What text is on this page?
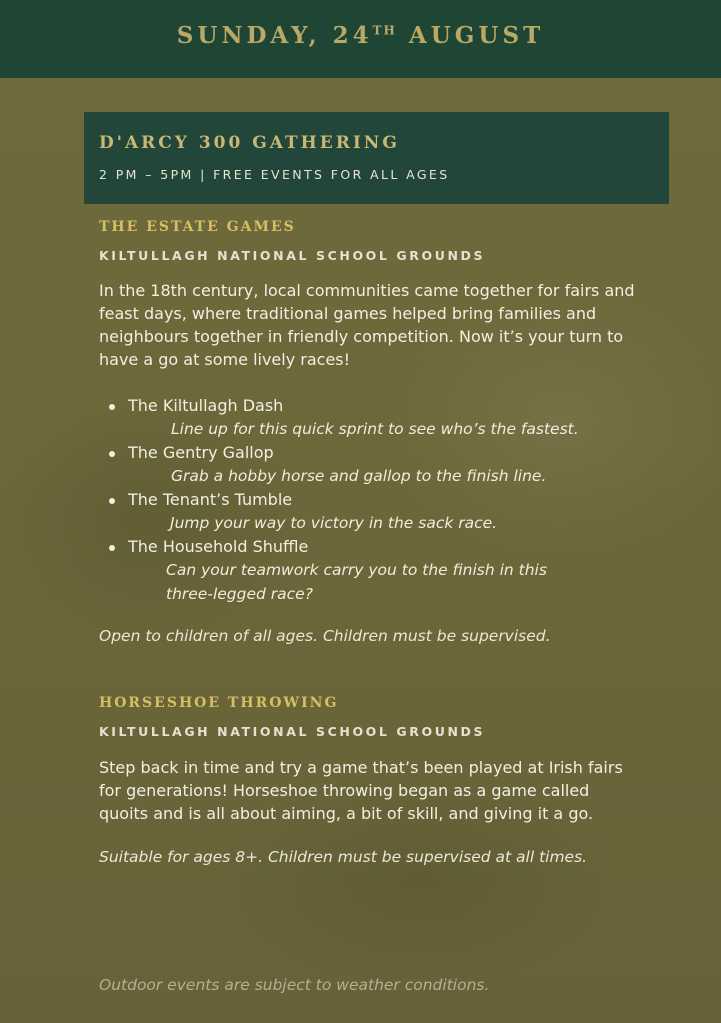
SUNDAY, 24TH AUGUST
D'ARCY 300 GATHERING
2 PM – 5PM | FREE EVENTS FOR ALL AGES
THE ESTATE GAMES
KILTULLAGH NATIONAL SCHOOL GROUNDS
In the 18th century, local communities came together for fairs and feast days, where traditional games helped bring families and neighbours together in friendly competition. Now it’s your turn to have a go at some lively races!
The Kiltullagh Dash
Line up for this quick sprint to see who’s the fastest.
The Gentry Gallop
Grab a hobby horse and gallop to the finish line.
The Tenant’s Tumble
Jump your way to victory in the sack race.
The Household Shuffle
Can your teamwork carry you to the finish in this three-legged race?
Open to children of all ages. Children must be supervised.
HORSESHOE THROWING
KILTULLAGH NATIONAL SCHOOL GROUNDS
Step back in time and try a game that’s been played at Irish fairs for generations! Horseshoe throwing began as a game called quoits and is all about aiming, a bit of skill, and giving it a go.
Suitable for ages 8+. Children must be supervised at all times.
Outdoor events are subject to weather conditions.
